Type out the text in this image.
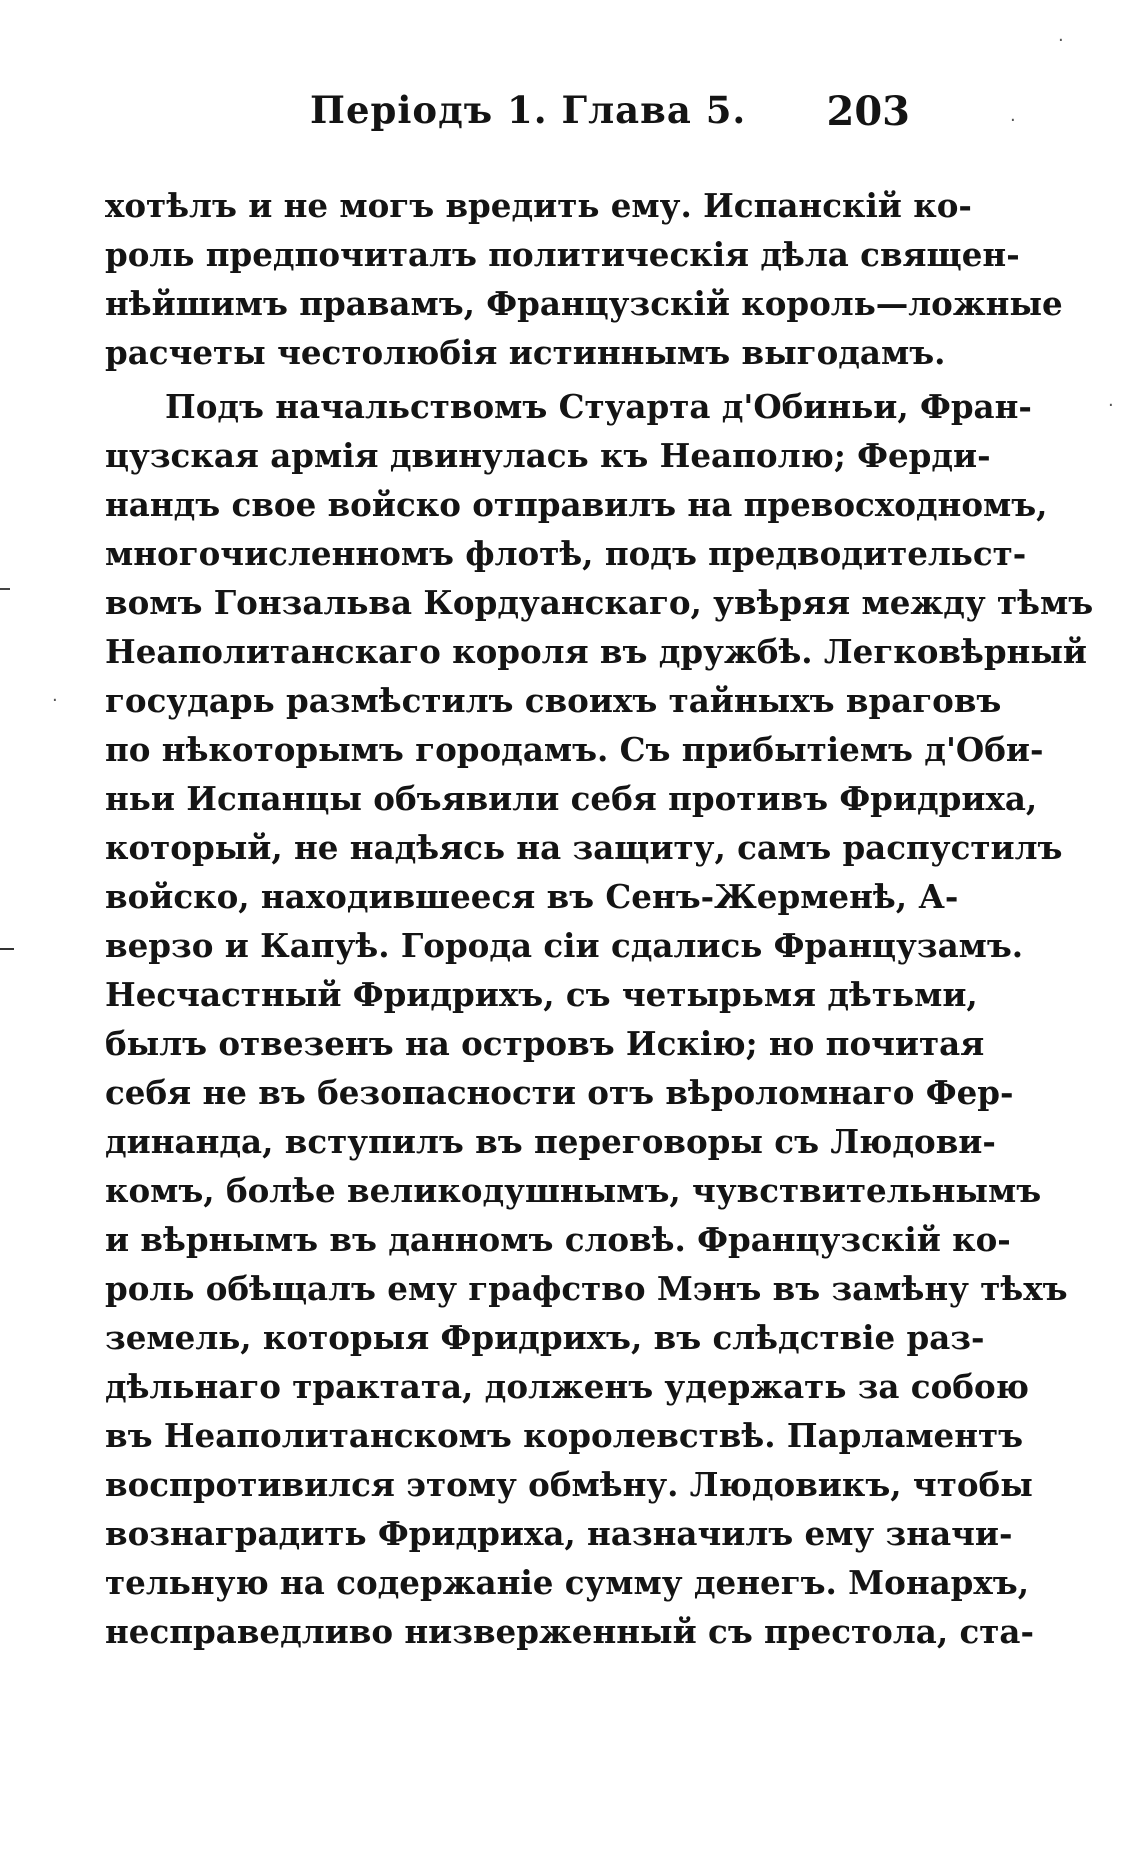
Періодъ 1. Глава 5. 203
хотѣлъ и не могъ вредить ему. Испанскій ко-
роль предпочиталъ политическія дѣла священ-
нѣйшимъ правамъ, Французскій король—ложные
расчеты честолюбія истиннымъ выгодамъ.
Подъ начальствомъ Стуарта д'Обиньи, Фран-
цузская армія двинулась къ Неаполю; Ферди-
нандъ свое войско отправилъ на превосходномъ,
многочисленномъ флотѣ, подъ предводительст-
вомъ Гонзальва Кордуанскаго, увѣряя между тѣмъ
Неаполитанскаго короля въ дружбѣ. Легковѣрный
государь размѣстилъ своихъ тайныхъ враговъ
по нѣкоторымъ городамъ. Съ прибытіемъ д'Оби-
ньи Испанцы объявили себя противъ Фридриха,
который, не надѣясь на защиту, самъ распустилъ
войско, находившееся въ Сенъ-Жерменѣ, А-
верзо и Капуѣ. Города сіи сдались Французамъ.
Несчастный Фридрихъ, съ четырьмя дѣтьми,
былъ отвезенъ на островъ Искію; но почитая
себя не въ безопасности отъ вѣроломнаго Фер-
динанда, вступилъ въ переговоры съ Людови-
комъ, болѣе великодушнымъ, чувствительнымъ
и вѣрнымъ въ данномъ словѣ. Французскій ко-
роль обѣщалъ ему графство Мэнъ въ замѣну тѣхъ
земель, которыя Фридрихъ, въ слѣдствіе раз-
дѣльнаго трактата, долженъ удержать за собою
въ Неаполитанскомъ королевствѣ. Парламентъ
воспротивился этому обмѣну. Людовикъ, чтобы
вознаградить Фридриха, назначилъ ему значи-
тельную на содержаніе сумму денегъ. Монархъ,
несправедливо низверженный съ престола, ста-
·
·
·
·
